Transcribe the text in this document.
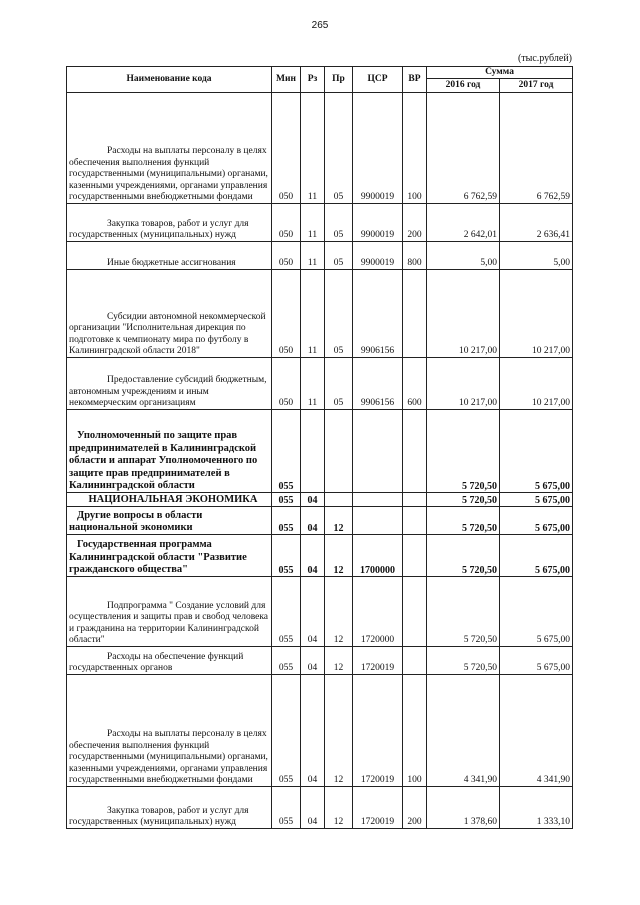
265
(тыс.рублей)
Наименование кода	Мин	Рз	Пр	ЦСР	ВР	Сумма	
						2016 год	2017 год

Расходы на выплаты персоналу в целях обеспечения выполнения функций государственными (муниципальными) органами, казенными учреждениями, органами управления государственными внебюджетными фондами	050	11	05	9900019	100	6 762,59	6 762,59

Закупка товаров, работ и услуг для государственных (муниципальных) нужд	050	11	05	9900019	200	2 642,01	2 636,41

Иные бюджетные ассигнования	050	11	05	9900019	800	5,00	5,00

Субсидии автономной некоммерческой организации "Исполнительная дирекция по подготовке к чемпионату мира по футболу в Калининградской области 2018"	050	11	05	9906156		10 217,00	10 217,00

Предоставление субсидий бюджетным, автономным учреждениям и иным некоммерческим организациям	050	11	05	9906156	600	10 217,00	10 217,00

Уполномоченный по защите прав предпринимателей в Калининградской области и аппарат Уполномоченного по защите прав предпринимателей в Калининградской области	055					5 720,50	5 675,00

НАЦИОНАЛЬНАЯ ЭКОНОМИКА	055	04				5 720,50	5 675,00

Другие вопросы в области национальной экономики	055	04	12			5 720,50	5 675,00

Государственная программа Калининградской области "Развитие гражданского общества"	055	04	12	1700000		5 720,50	5 675,00

Подпрограмма " Создание условий для осуществления и защиты прав и свобод человека и гражданина на территории Калининградской области"	055	04	12	1720000		5 720,50	5 675,00

Расходы на обеспечение функций государственных органов	055	04	12	1720019		5 720,50	5 675,00

Расходы на выплаты персоналу в целях обеспечения выполнения функций государственными (муниципальными) органами, казенными учреждениями, органами управления государственными внебюджетными фондами	055	04	12	1720019	100	4 341,90	4 341,90

Закупка товаров, работ и услуг для государственных (муниципальных) нужд	055	04	12	1720019	200	1 378,60	1 333,10
